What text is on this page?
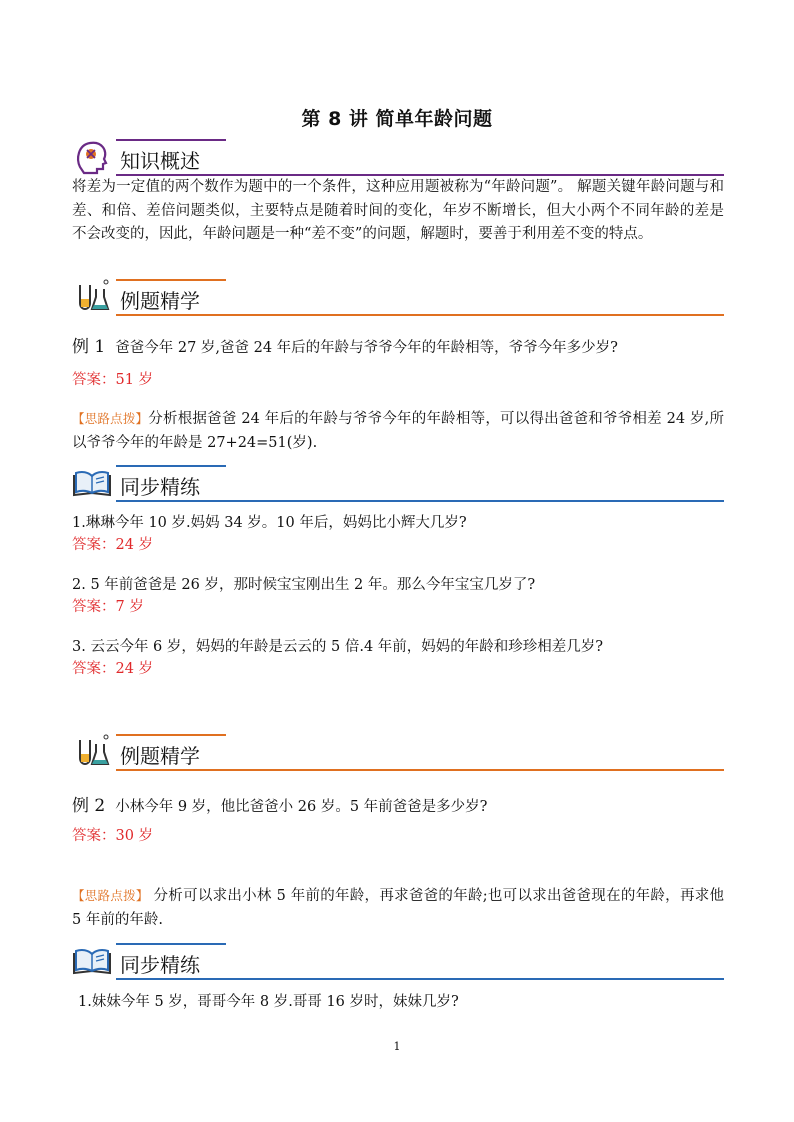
第 8 讲 简单年龄问题
知识概述
将差为一定值的两个数作为题中的一个条件，这种应用题被称为“年龄问题”。 解题关键年龄问题与和差、和倍、差倍问题类似，主要特点是随着时间的变化，年岁不断增长，但大小两个不同年龄的差是不会改变的，因此，年龄问题是一种“差不变”的问题，解题时，要善于利用差不变的特点。
例题精学
例 1 爸爸今年 27 岁,爸爸 24 年后的年龄与爷爷今年的年龄相等，爷爷今年多少岁?
答案：51 岁
【思路点拨】分析根据爸爸 24 年后的年龄与爷爷今年的年龄相等，可以得出爸爸和爷爷相差 24 岁,所以爷爷今年的年龄是 27+24=51(岁).
同步精练
1.琳琳今年 10 岁.妈妈 34 岁。10 年后，妈妈比小辉大几岁?
答案：24 岁
2. 5 年前爸爸是 26 岁，那时候宝宝刚出生 2 年。那么今年宝宝几岁了?
答案：7 岁
3. 云云今年 6 岁，妈妈的年龄是云云的 5 倍.4 年前，妈妈的年龄和珍珍相差几岁?
答案：24 岁
例题精学
例 2 小林今年 9 岁，他比爸爸小 26 岁。5 年前爸爸是多少岁?
答案：30 岁
【思路点拨】 分析可以求出小林 5 年前的年龄，再求爸爸的年龄;也可以求出爸爸现在的年龄，再求他 5 年前的年龄.
同步精练
1.妹妹今年 5 岁，哥哥今年 8 岁.哥哥 16 岁时，妹妹几岁?
1
